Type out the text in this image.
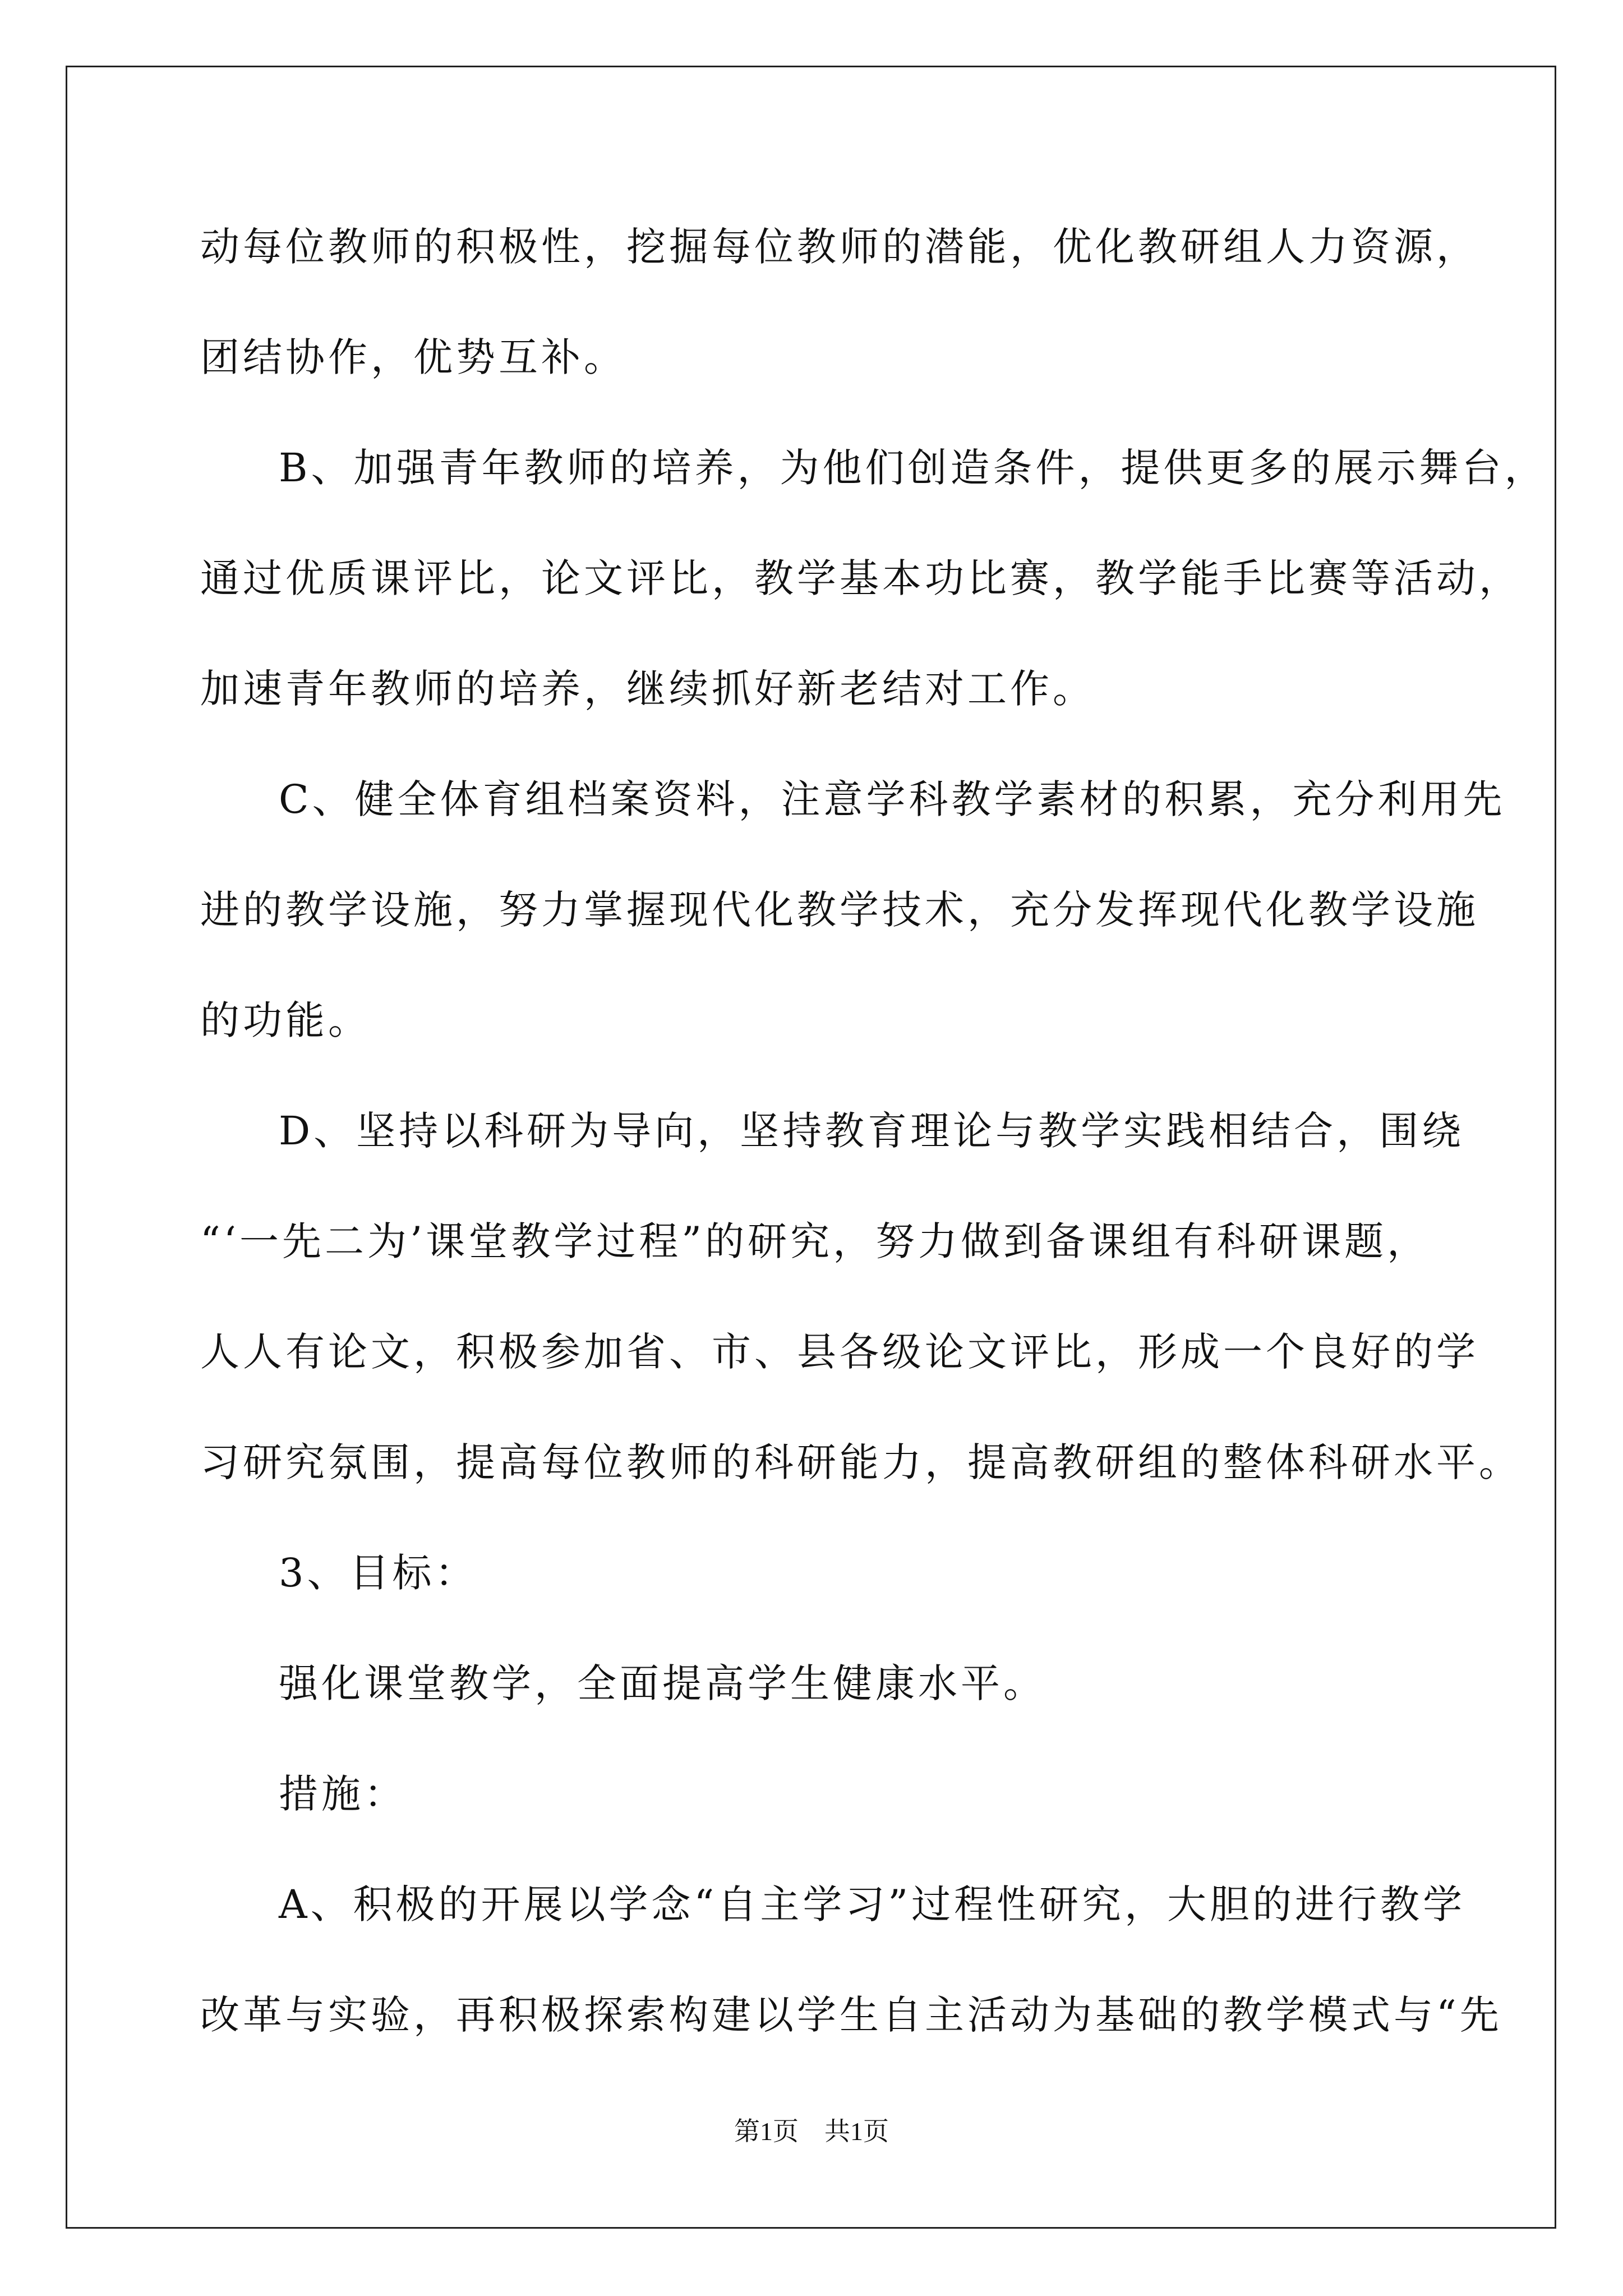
动每位教师的积极性，挖掘每位教师的潜能，优化教研组人力资源，
团结协作，优势互补。
B、加强青年教师的培养，为他们创造条件，提供更多的展示舞台，
通过优质课评比，论文评比，教学基本功比赛，教学能手比赛等活动，
加速青年教师的培养，继续抓好新老结对工作。
C、健全体育组档案资料，注意学科教学素材的积累，充分利用先
进的教学设施，努力掌握现代化教学技术，充分发挥现代化教学设施
的功能。
D、坚持以科研为导向，坚持教育理论与教学实践相结合，围绕
“‘一先二为’课堂教学过程”的研究，努力做到备课组有科研课题，
人人有论文，积极参加省、市、县各级论文评比，形成一个良好的学
习研究氛围，提高每位教师的科研能力，提高教研组的整体科研水平。
3、目标：
强化课堂教学，全面提高学生健康水平。
措施：
A、积极的开展以学念“自主学习”过程性研究，大胆的进行教学
改革与实验，再积极探索构建以学生自主活动为基础的教学模式与“先
第1页　共1页
